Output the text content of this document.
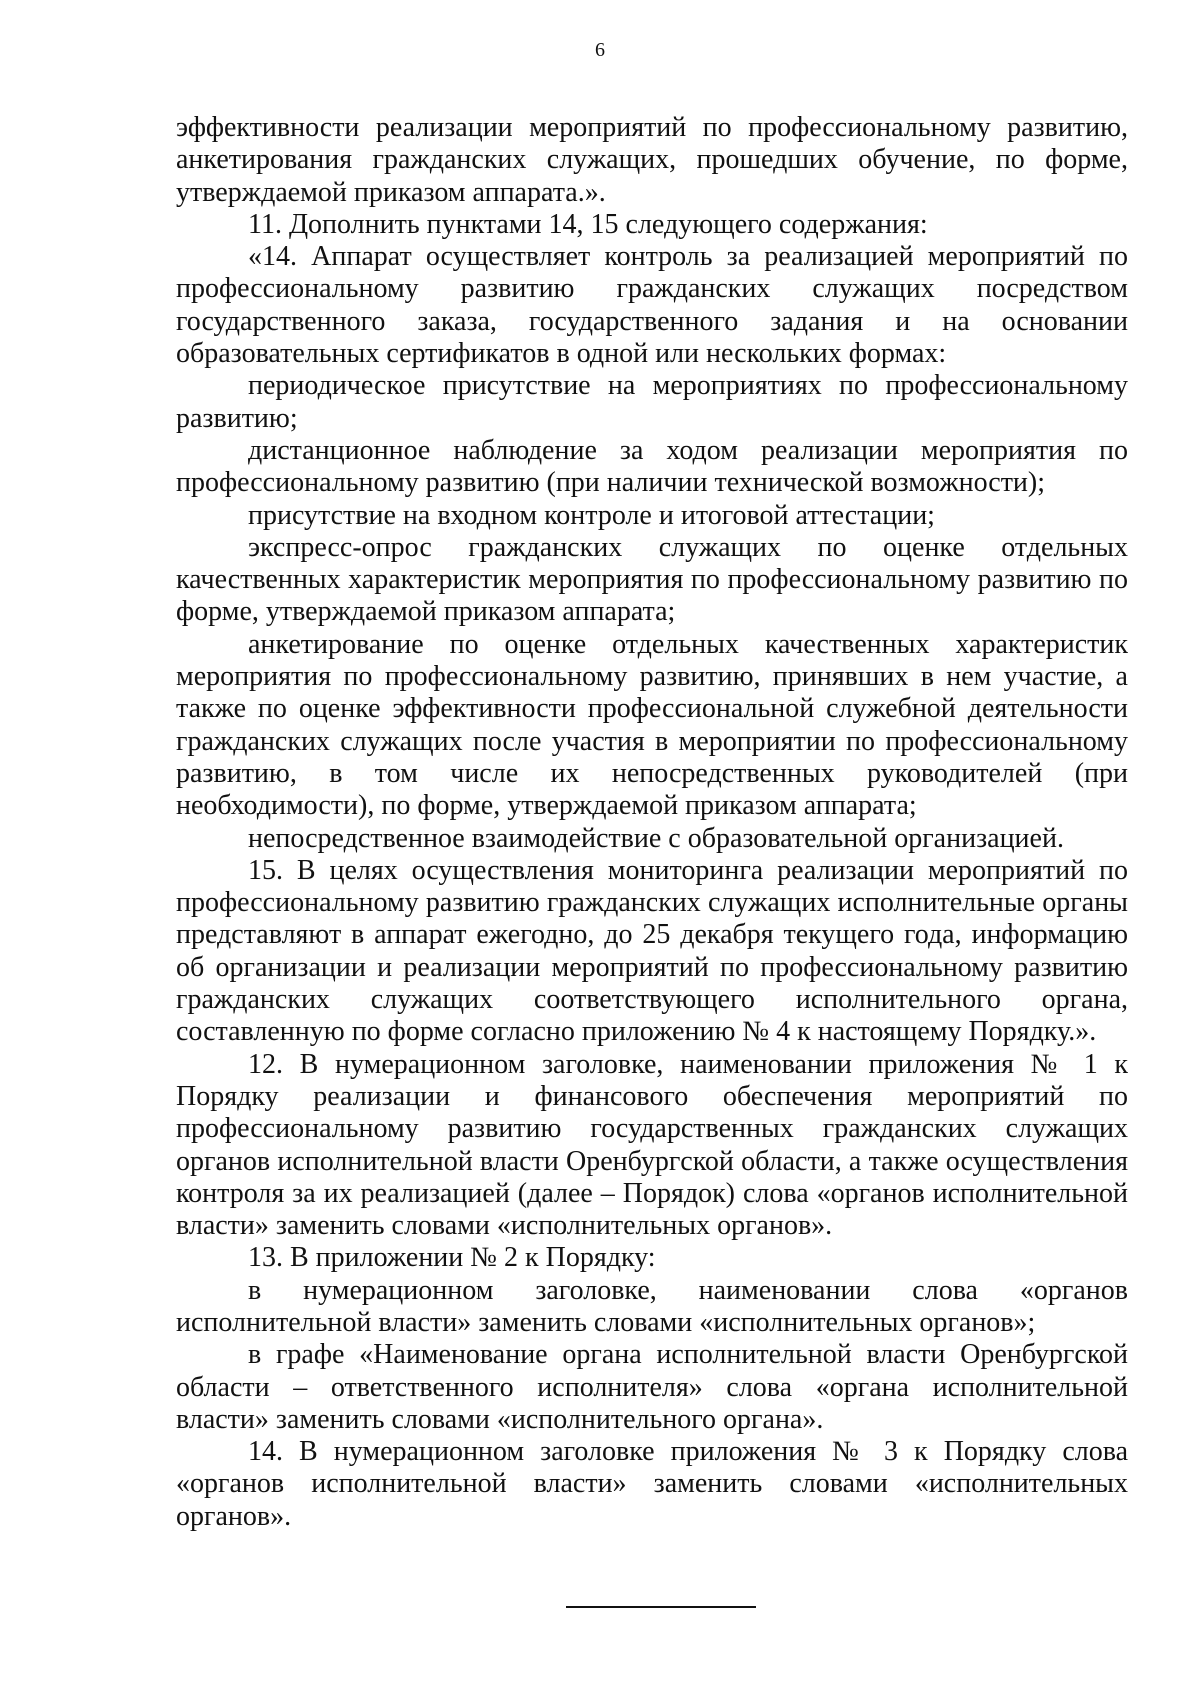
6

эффективности реализации мероприятий по профессиональному развитию, анкетирования гражданских служащих, прошедших обучение, по форме, утверждаемой приказом аппарата.».

11. Дополнить пунктами 14, 15 следующего содержания:

«14. Аппарат осуществляет контроль за реализацией мероприятий по профессиональному развитию гражданских служащих посредством государственного заказа, государственного задания и на основании образовательных сертификатов в одной или нескольких формах:

периодическое присутствие на мероприятиях по профессиональному развитию;

дистанционное наблюдение за ходом реализации мероприятия по профессиональному развитию (при наличии технической возможности);

присутствие на входном контроле и итоговой аттестации;

экспресс-опрос гражданских служащих по оценке отдельных качественных характеристик мероприятия по профессиональному развитию по форме, утверждаемой приказом аппарата;

анкетирование по оценке отдельных качественных характеристик мероприятия по профессиональному развитию, принявших в нем участие, а также по оценке эффективности профессиональной служебной деятельности гражданских служащих после участия в мероприятии по профессиональному развитию, в том числе их непосредственных руководителей (при необходимости), по форме, утверждаемой приказом аппарата;

непосредственное взаимодействие с образовательной организацией.

15. В целях осуществления мониторинга реализации мероприятий по профессиональному развитию гражданских служащих исполнительные органы представляют в аппарат ежегодно, до 25 декабря текущего года, информацию об организации и реализации мероприятий по профессиональному развитию гражданских служащих соответствующего исполнительного органа, составленную по форме согласно приложению № 4 к настоящему Порядку.».

12. В нумерационном заголовке, наименовании приложения № 1 к Порядку реализации и финансового обеспечения мероприятий по профессиональному развитию государственных гражданских служащих органов исполнительной власти Оренбургской области, а также осуществления контроля за их реализацией (далее – Порядок) слова «органов исполнительной власти» заменить словами «исполнительных органов».

13. В приложении № 2 к Порядку:

в нумерационном заголовке, наименовании слова «органов исполнительной власти» заменить словами «исполнительных органов»;

в графе «Наименование органа исполнительной власти Оренбургской области – ответственного исполнителя» слова «органа исполнительной власти» заменить словами «исполнительного органа».

14. В нумерационном заголовке приложения № 3 к Порядку слова «органов исполнительной власти» заменить словами «исполнительных органов».
